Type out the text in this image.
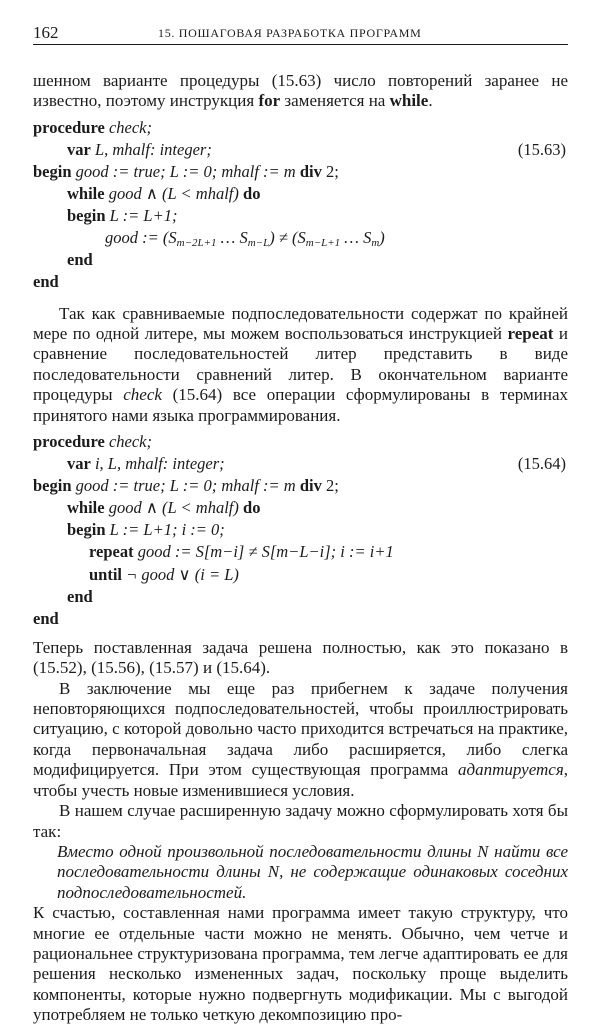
162	15. ПОШАГОВАЯ РАЗРАБОТКА ПРОГРАММ

шенном варианте процедуры (15.63) число повторений заранее не известно, поэтому инструкция for заменяется на while.

procedure check;
var L, mhalf: integer;	(15.63)
begin good := true; L := 0; mhalf := m div 2;
while good ∧ (L < mhalf) do
begin L := L+1;
good := ($S_{m-2L+1}$ … $S_{m-L}) \ne (S_{m-L+1}$ … $S_m$)
end
end

Так как сравниваемые подпоследовательности содержат по крайней мере по одной литере, мы можем воспользоваться инструкцией repeat и сравнение последовательностей литер представить в виде последовательности сравнений литер. В окончательном варианте процедуры check (15.64) все операции сформулированы в терминах принятого нами языка программирования.

procedure check;
var i, L, mhalf: integer;	(15.64)
begin good := true; L := 0; mhalf := m div 2;
while good ∧ (L < mhalf) do
begin L := L+1; i := 0;
repeat good := S[m−i] ≠ S[m−L−i]; i := i+1
until ¬ good ∨ (i = L)
end
end

Теперь поставленная задача решена полностью, как это показано в (15.52), (15.56), (15.57) и (15.64).

В заключение мы еще раз прибегнем к задаче получения неповторяющихся подпоследовательностей, чтобы проиллюстрировать ситуацию, с которой довольно часто приходится встречаться на практике, когда первоначальная задача либо расширяется, либо слегка модифицируется. При этом существующая программа адаптируется, чтобы учесть новые изменившиеся условия.

В нашем случае расширенную задачу можно сформулировать хотя бы так:

Вместо одной произвольной последовательности длины N найти все последовательности длины N, не содержащие одинаковых соседних подпоследовательностей.

К счастью, составленная нами программа имеет такую структуру, что многие ее отдельные части можно не менять. Обычно, чем четче и рациональнее структуризована программа, тем легче адаптировать ее для решения несколько измененных задач, поскольку проще выделить компоненты, которые нужно подвергнуть модификации. Мы с выгодой употребляем не только четкую декомпозицию про-
